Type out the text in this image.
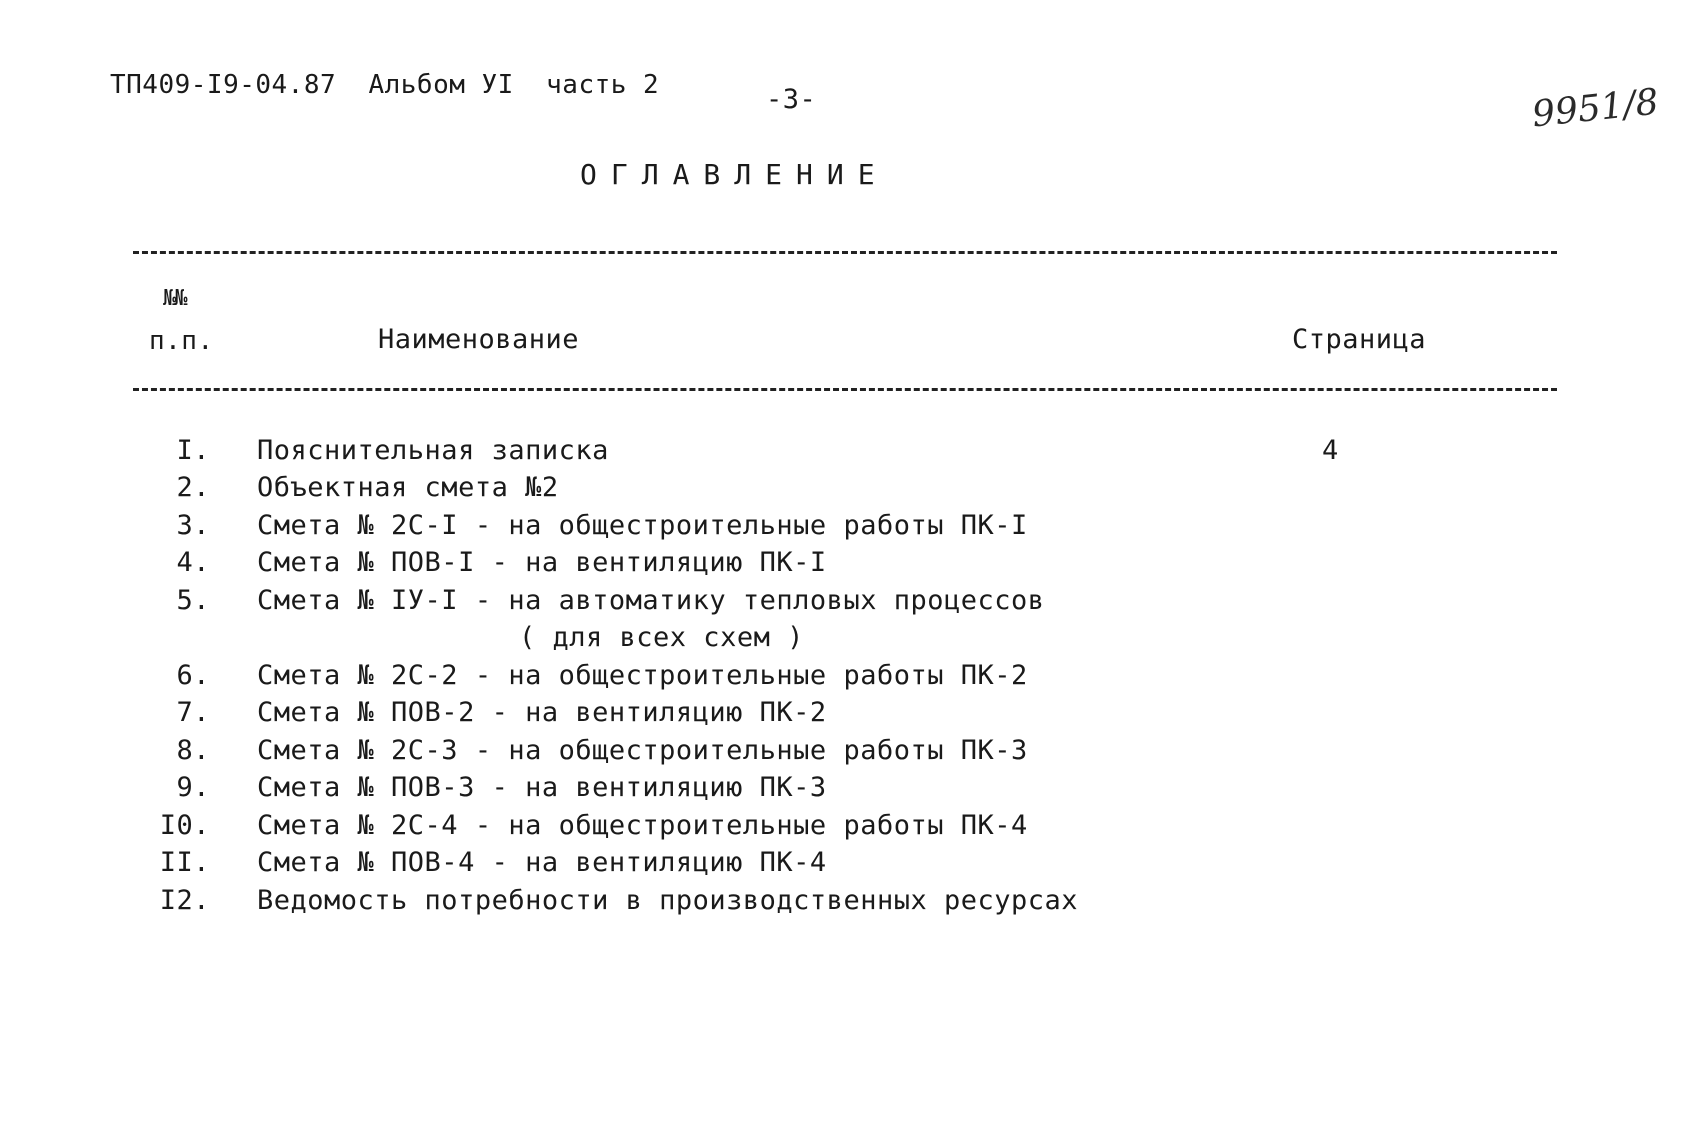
ТП409-I9-04.87  Альбом УI  часть 2	-3-	9951/8
ОГЛАВЛЕНИЕ
№№
п.п.	Наименование	Страница
I. Пояснительная записка	4
2. Объектная смета №2
3. Смета № 2С-I - на общестроительные работы ПК-I
4. Смета № ПОВ-I - на вентиляцию ПК-I
5. Смета № IУ-I - на автоматику тепловых процессов
( для всех схем )
6. Смета № 2С-2 - на общестроительные работы ПК-2
7. Смета № ПОВ-2 - на вентиляцию ПК-2
8. Смета № 2С-3 - на общестроительные работы ПК-3
9. Смета № ПОВ-3 - на вентиляцию ПК-3
I0. Смета № 2С-4 - на общестроительные работы ПК-4
II. Смета № ПОВ-4 - на вентиляцию ПК-4
I2. Ведомость потребности в производственных ресурсах
